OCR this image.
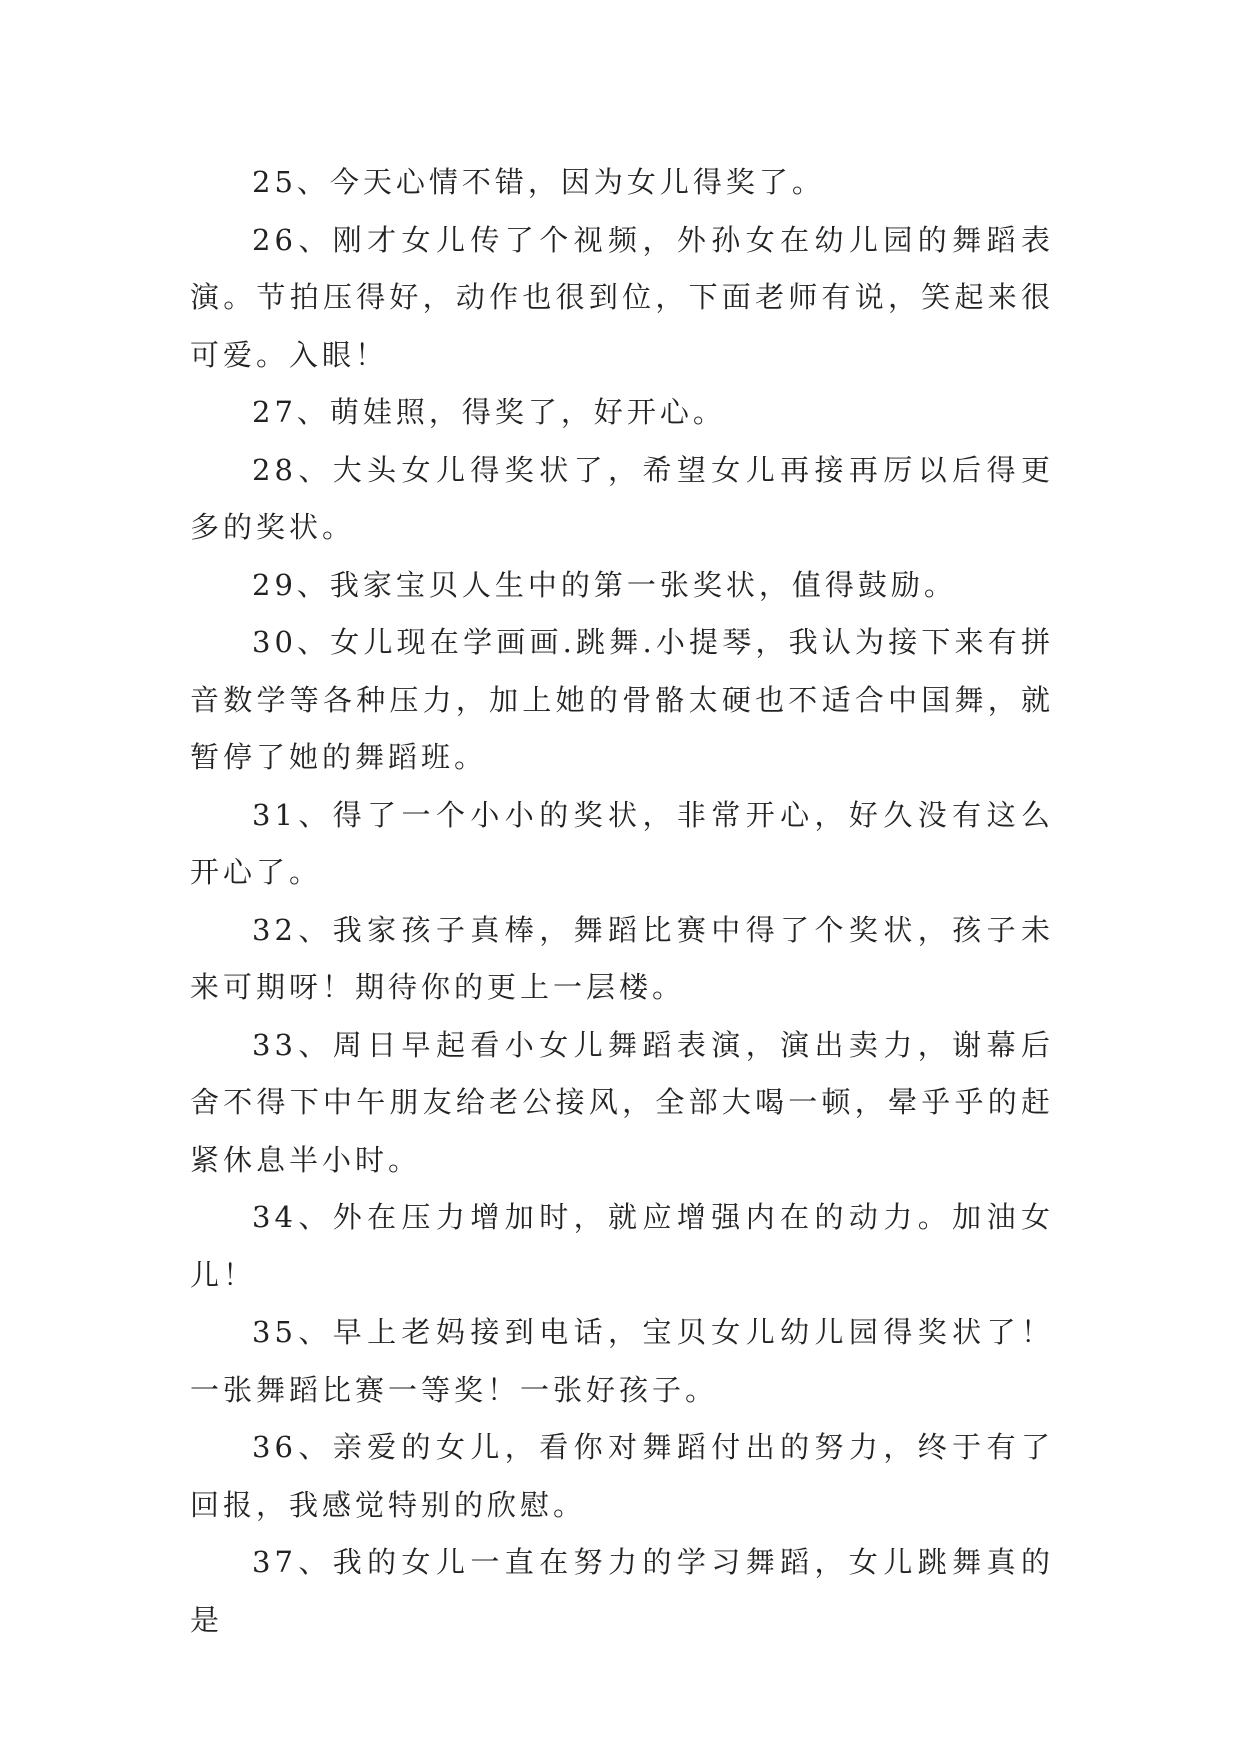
25、今天心情不错，因为女儿得奖了。

26、刚才女儿传了个视频，外孙女在幼儿园的舞蹈表演。节拍压得好，动作也很到位，下面老师有说，笑起来很可爱。入眼！

27、萌娃照，得奖了，好开心。

28、大头女儿得奖状了，希望女儿再接再厉以后得更多的奖状。

29、我家宝贝人生中的第一张奖状，值得鼓励。

30、女儿现在学画画.跳舞.小提琴，我认为接下来有拼音数学等各种压力，加上她的骨骼太硬也不适合中国舞，就暂停了她的舞蹈班。

31、得了一个小小的奖状，非常开心，好久没有这么开心了。

32、我家孩子真棒，舞蹈比赛中得了个奖状，孩子未来可期呀！期待你的更上一层楼。

33、周日早起看小女儿舞蹈表演，演出卖力，谢幕后舍不得下中午朋友给老公接风，全部大喝一顿，晕乎乎的赶紧休息半小时。

34、外在压力增加时，就应增强内在的动力。加油女儿！

35、早上老妈接到电话，宝贝女儿幼儿园得奖状了！一张舞蹈比赛一等奖！一张好孩子。

36、亲爱的女儿，看你对舞蹈付出的努力，终于有了回报，我感觉特别的欣慰。

37、我的女儿一直在努力的学习舞蹈，女儿跳舞真的是
